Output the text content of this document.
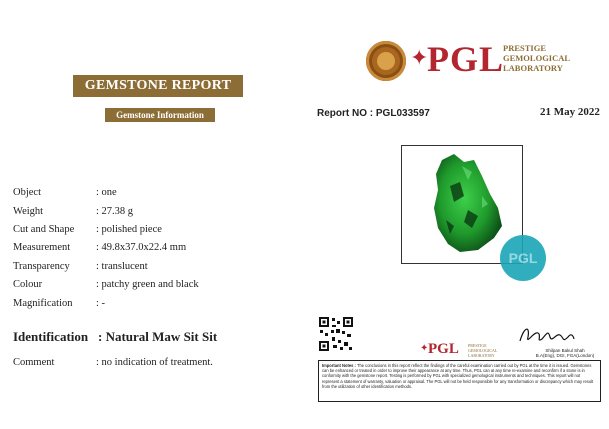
GEMSTONE REPORT
Gemstone Information
Object	: one
Weight	: 27.38 g
Cut and Shape	: polished piece
Measurement	: 49.8x37.0x22.4 mm
Transparency	: translucent
Colour	: patchy green and black
Magnification	: -
Identification : Natural Maw Sit Sit
Comment	: no indication of treatment.
✦
PGL
PRESTIGE
GEMOLOGICAL
LABORATORY
Report NO : PGL033597	21 May 2022
PGL
✦ PGL PRESTIGE
GEMOLOGICAL
LABORATORY
Shilpan Bakul Shah
B.A(Eng), DGI, FGA(London)
Important Notes : The conclusions in this report reflect the findings of the careful examination carried out by PGL at the time it is issued. Gemstones can be enhanced or treated in order to improve their appearance at any time. Thus, PGL can at any time re-examine and reconfirm if a stone is in conformity with the gemstone report. Testing is performed by PGL with specialized gemological instruments and techniques. This report will not represent a statement of warranty, valuation or appraisal. The PGL will not be held responsible for any transformation or discrepancy which may result from the utilization of other identification methods.
